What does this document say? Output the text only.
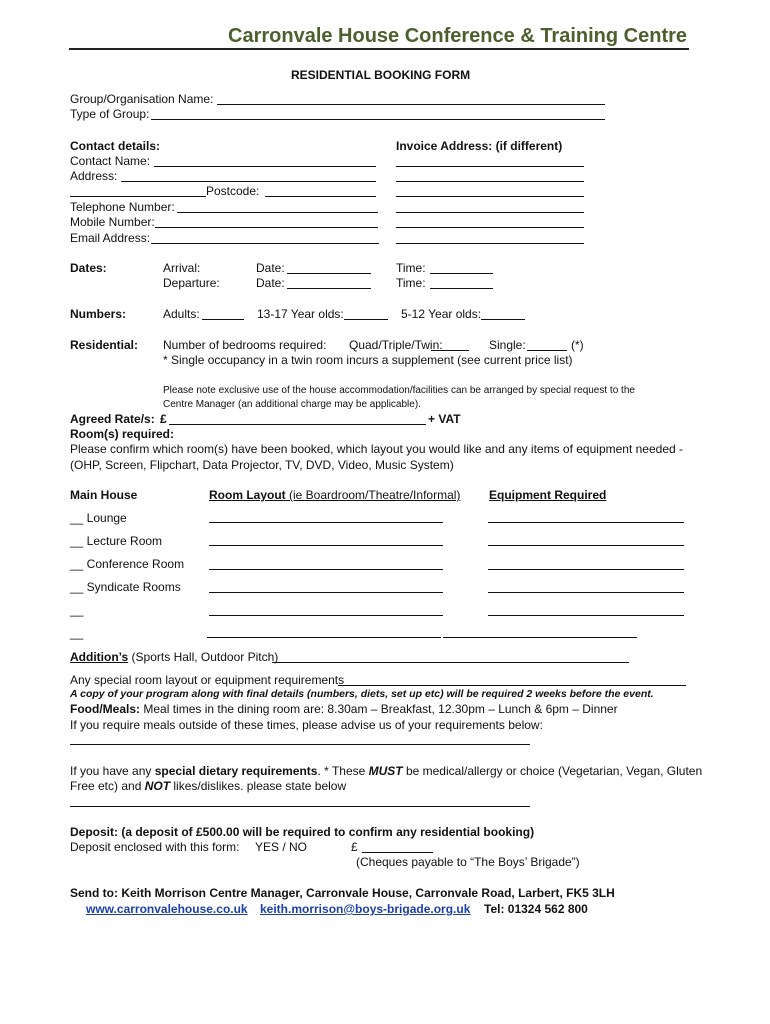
Carronvale House Conference & Training Centre
RESIDENTIAL BOOKING FORM
Group/Organisation Name:
Type of Group:
Contact details:	Invoice Address: (if different)
Contact Name:
Address:
Postcode:
Telephone Number:
Mobile Number:
Email Address:
Dates:	Arrival:	Date:	Time:
Departure:	Date:	Time:
Numbers:	Adults:	13-17 Year olds:	5-12 Year olds:
Residential: Number of bedrooms required: Quad/Triple/Twin:	Single:	(*)
* Single occupancy in a twin room incurs a supplement (see current price list)
Please note exclusive use of the house accommodation/facilities can be arranged by special request to the
Centre Manager (an additional charge may be applicable).
Agreed Rate/s: £	+ VAT
Room(s) required:
Please confirm which room(s) have been booked, which layout you would like and any items of equipment needed -
(OHP, Screen, Flipchart, Data Projector, TV, DVD, Video, Music System)
Main House	Room Layout (ie Boardroom/Theatre/Informal) Equipment Required
__ Lounge
__ Lecture Room
__ Conference Room
__ Syndicate Rooms
__
__
Addition’s (Sports Hall, Outdoor Pitch)
Any special room layout or equipment requirements
A copy of your program along with final details (numbers, diets, set up etc) will be required 2 weeks before the event.
Food/Meals: Meal times in the dining room are: 8.30am – Breakfast, 12.30pm – Lunch & 6pm – Dinner
If you require meals outside of these times, please advise us of your requirements below:
If you have any special dietary requirements. * These MUST be medical/allergy or choice (Vegetarian, Vegan, Gluten
Free etc) and NOT likes/dislikes. please state below
Deposit: (a deposit of £500.00 will be required to confirm any residential booking)
Deposit enclosed with this form: YES / NO	£
(Cheques payable to “The Boys’ Brigade”)
Send to: Keith Morrison Centre Manager, Carronvale House, Carronvale Road, Larbert, FK5 3LH
www.carronvalehouse.co.uk keith.morrison@boys-brigade.org.uk Tel: 01324 562 800
